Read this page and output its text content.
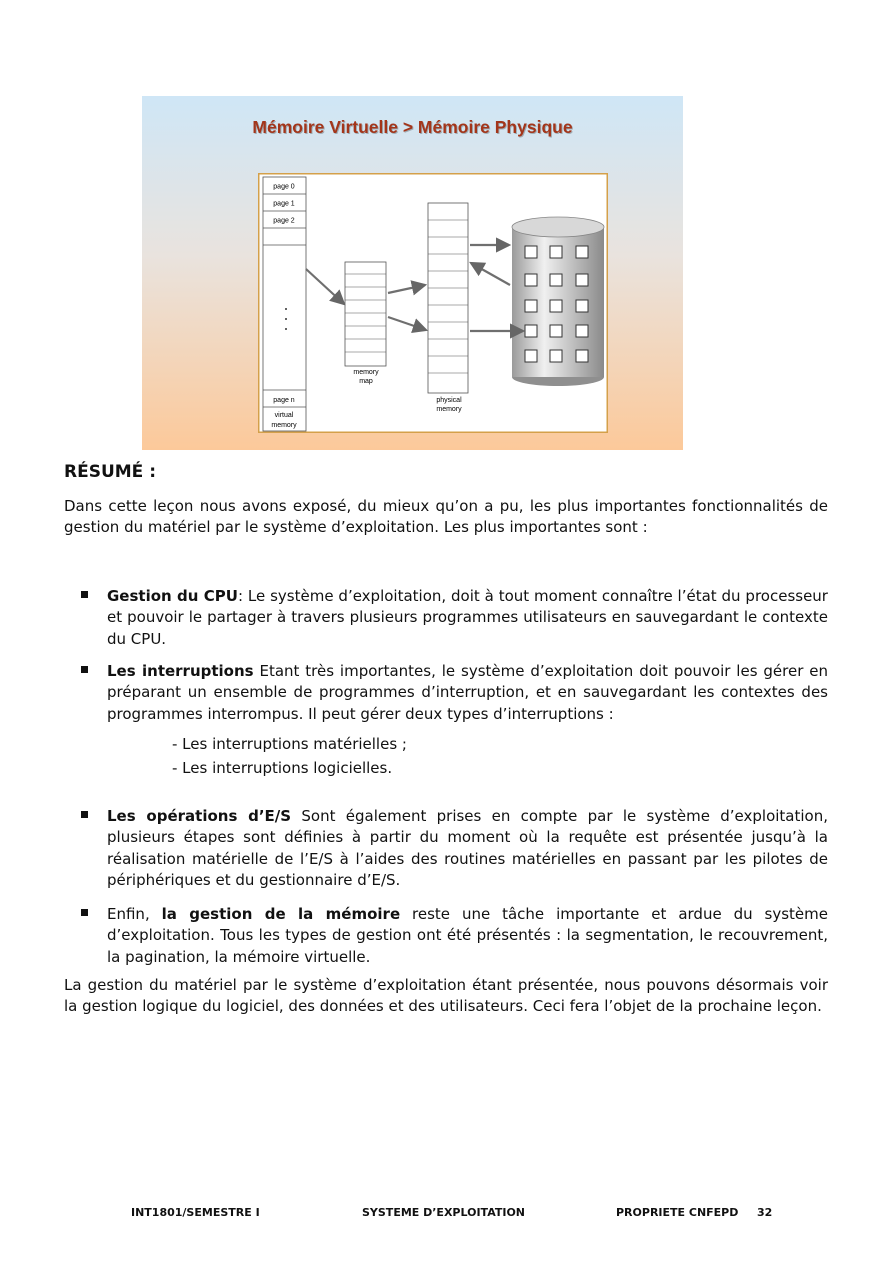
Mémoire Virtuelle > Mémoire Physique
page 0
page 1
page 2
page n
virtual
memory
memory
map
physical
memory
RÉSUMÉ :

Dans cette leçon nous avons exposé, du mieux qu’on a pu, les plus importantes fonctionnalités de gestion du matériel par le système d’exploitation. Les plus importantes sont :

Gestion du CPU: Le système d’exploitation, doit à tout moment connaître l’état du processeur et pouvoir le partager à travers plusieurs programmes utilisateurs en sauvegardant le contexte du CPU.
Les interruptions Etant très importantes, le système d’exploitation doit pouvoir les gérer en préparant un ensemble de programmes d’interruption, et en sauvegardant les contextes des programmes interrompus. Il peut gérer deux types d’interruptions :
- Les interruptions matérielles ;
- Les interruptions logicielles.
Les opérations d’E/S Sont également prises en compte par le système d’exploitation, plusieurs étapes sont définies à partir du moment où la requête est présentée jusqu’à la réalisation matérielle de l’E/S à l’aides des routines matérielles en passant par les pilotes de périphériques et du gestionnaire d’E/S.
Enfin, la gestion de la mémoire reste une tâche importante et ardue du système d’exploitation. Tous les types de gestion ont été présentés : la segmentation, le recouvrement, la pagination, la mémoire virtuelle.

La gestion du matériel par le système d’exploitation étant présentée, nous pouvons désormais voir la gestion logique du logiciel, des données et des utilisateurs. Ceci fera l’objet de la prochaine leçon.

INT1801/SEMESTRE I	SYSTEME D’EXPLOITATION	PROPRIETE CNFEPD 32
